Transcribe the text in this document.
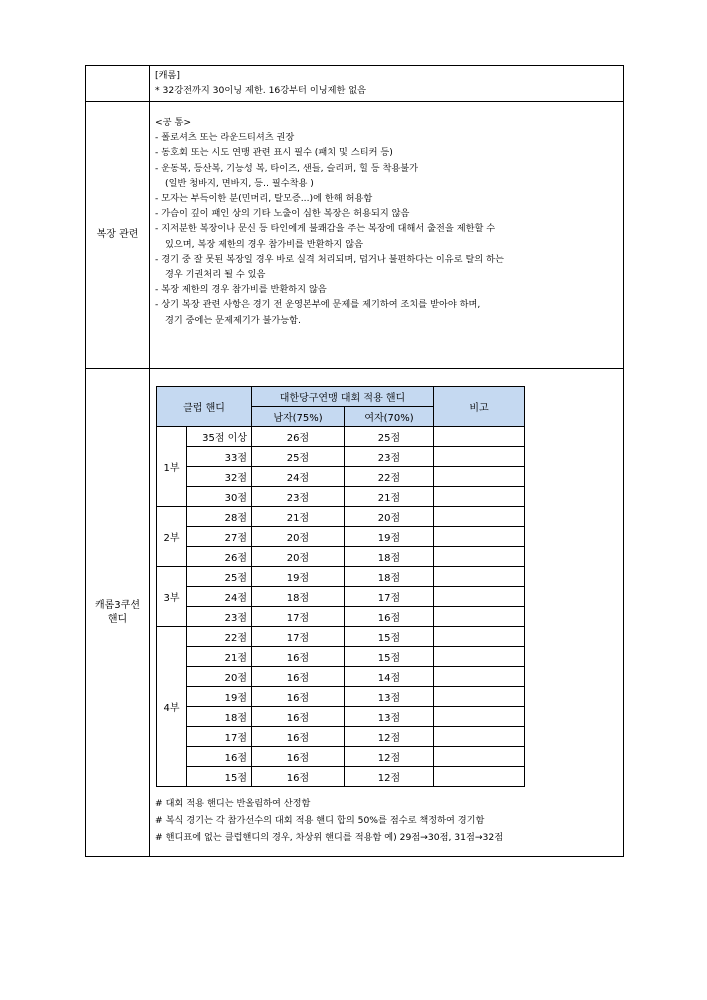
[캐롬]
* 32강전까지 30이닝 제한. 16강부터 이닝제한 없음

복장 관련	
<공 통>
- 폴로셔츠 또는 라운드티셔츠 권장
- 동호회 또는 시도 연맹 관련 표시 필수 (패치 및 스티커 등)
- 운동복, 등산복, 기능성 복, 타이즈, 샌들, 슬리퍼, 힐 등 착용불가
(일반 청바지, 면바지, 등.. 필수착용 )
- 모자는 부득이한 분(민머리, 탈모증...)에 한해 허용함
- 가슴이 깊이 패인 상의 기타 노출이 심한 복장은 허용되지 않음
- 지저분한 복장이나 문신 등 타인에게 불쾌감을 주는 복장에 대해서 출전을 제한할 수
있으며, 복장 제한의 경우 참가비를 반환하지 않음
- 경기 중 잘 못된 복장일 경우 바로 실격 처리되며, 덥거나 불편하다는 이유로 탈의 하는
경우 기권처리 될 수 있음
- 복장 제한의 경우 참가비를 반환하지 않음
- 상기 복장 관련 사항은 경기 전 운영본부에 문제를 제기하여 조치를 받아야 하며,
경기 중에는 문제제기가 불가능함.

캐롬3쿠션
핸디	
클럽 핸디	대한당구연맹 대회 적용 핸디	비고
남자(75%)	여자(70%)
1부	35점 이상	26점	25점	
33점	25점	23점	
32점	24점	22점	
30점	23점	21점	
2부	28점	21점	20점	
27점	20점	19점	
26점	20점	18점	
3부	25점	19점	18점	
24점	18점	17점	
23점	17점	16점	
4부	22점	17점	15점	
21점	16점	15점	
20점	16점	14점	
19점	16점	13점	
18점	16점	13점	
17점	16점	12점	
16점	16점	12점	
15점	16점	12점	
# 대회 적용 핸디는 반올림하여 산정함
# 복식 경기는 각 참가선수의 대회 적용 핸디 합의 50%를 점수로 책정하여 경기함
# 핸디표에 없는 클럽핸디의 경우, 차상위 핸디를 적용함 예) 29점→30점, 31점→32점
